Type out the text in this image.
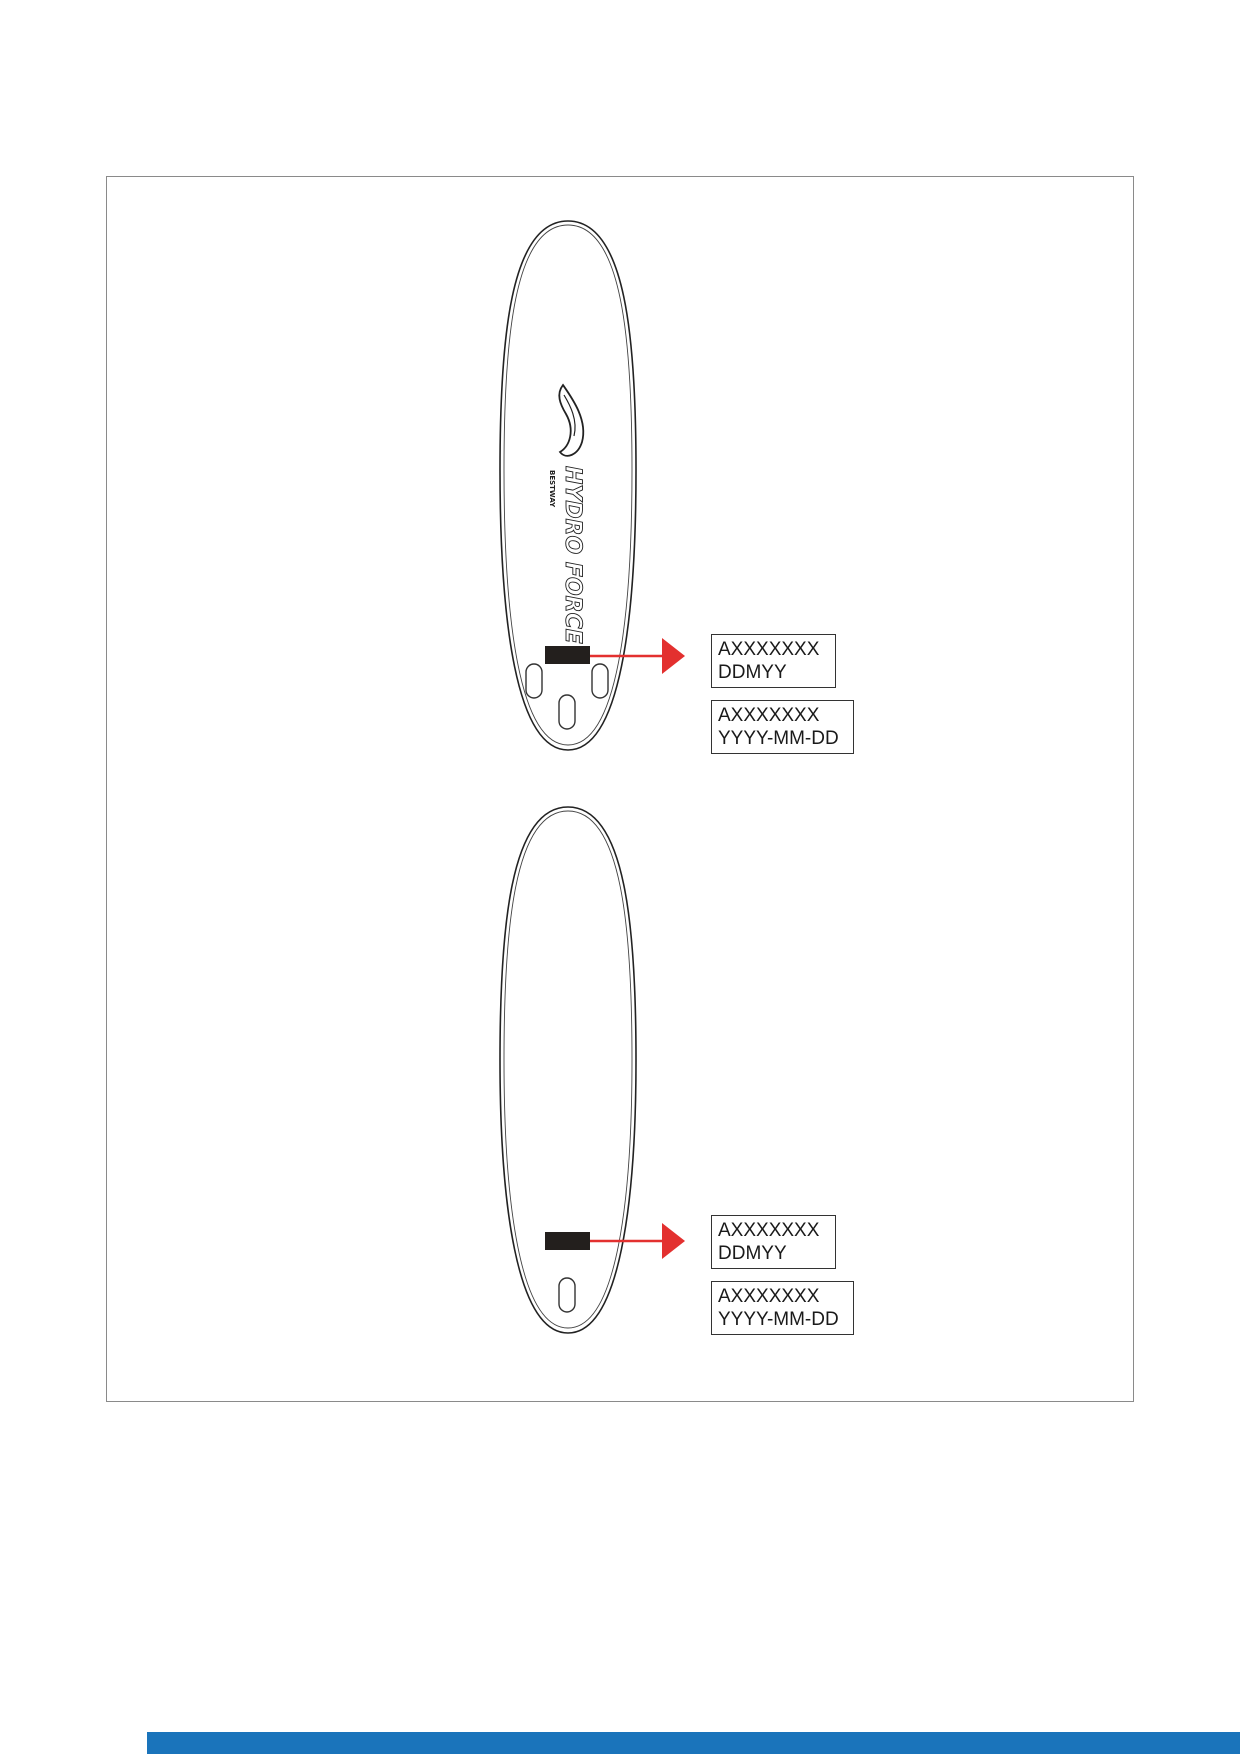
HYDRO FORCE
BESTWAY
AXXXXXXX
DDMYY
AXXXXXXX
YYYY-MM-DD
AXXXXXXX
DDMYY
AXXXXXXX
YYYY-MM-DD
